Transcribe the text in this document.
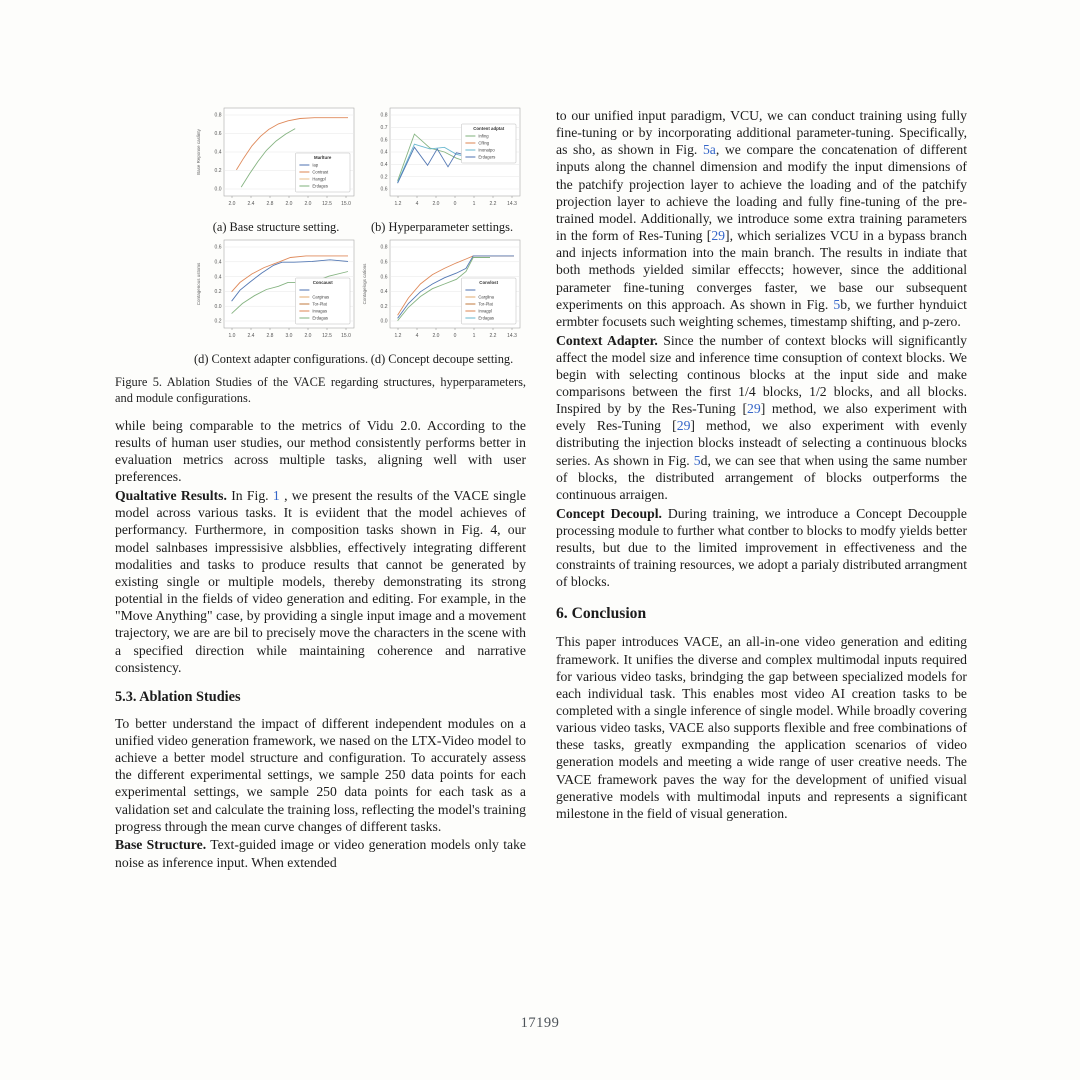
0.8
0.6
0.4
0.2
0.0
2.0 2.4 2.8 2.0 2.0 12.5 15.0
Base Reponse caslinty	Marlture
Iap
Contrast
Hangpl
Erdages
(a) Base structure setting.
0.8
0.7
0.6
0.4
0.4
0.2
0.6
1.2	4	2.0	0	1	2.2 14.3
Content adptat
Infing
Cfling
Inonatpo
Erdagers
(b) Hyperparameter settings.
0.6
0.4
0.4
0.2
0.0
0.2
1.0 2.4 2.8 3.0 2.0 12.5 15.0
Contagenous ustoms	Concaust
Carginas
Tor-Plat
Invagas
Erdagas
(d) Context adapter configurations.
0.8
0.6
0.6
0.4
0.2
0.0
1.2	4	2.0	0	1	2.2 14.3
Contagelogs cations	Convlost
Carglina
Tor-Plat
Invagpl
Erdagas
(d) Concept decoupe setting.
Figure 5. Ablation Studies of the VACE regarding structures, hyperparameters, and module configurations.

while being comparable to the metrics of Vidu 2.0. According to the results of human user studies, our method consistently performs better in evaluation metrics across multiple tasks, aligning well with user preferences.

Qualtative Results. In Fig. 1 , we present the results of the VACE single model across various tasks. It is eviident that the model achieves of performancy. Furthermore, in composition tasks shown in Fig. 4, our model salnbases impressisive alsbblies, effectively integrating different modalities and tasks to produce results that cannot be generated by existing single or multiple models, thereby demonstrating its strong potential in the fields of video generation and editing. For example, in the "Move Anything" case, by providing a single input image and a movement trajectory, we are are bil to precisely move the characters in the scene with a specified direction while maintaining coherence and narrative consistency.

5.3. Ablation Studies

To better understand the impact of different independent modules on a unified video generation framework, we nased on the LTX-Video model to achieve a better model structure and configuration. To accurately assess the different experimental settings, we sample 250 data points for each experimental settings, we sample 250 data points for each task as a validation set and calculate the training loss, reflecting the model's training progress through the mean curve changes of different tasks.

Base Structure. Text-guided image or video generation models only take noise as inference input. When extended

to our unified input paradigm, VCU, we can conduct training using fully fine-tuning or by incorporating additional parameter-tuning. Specifically, as sho, as shown in Fig. 5a, we compare the concatenation of different inputs along the channel dimension and modify the input dimensions of the patchify projection layer to achieve the loading and of the patchify projection layer to achieve the loading and fully fine-tuning of the pre-trained model. Additionally, we introduce some extra training parameters in the form of Res-Tuning [29], which serializes VCU in a bypass branch and injects information into the main branch. The results in indiate that both methods yielded similar effeccts; however, since the additional parameter fine-tuning converges faster, we base our subsequent experiments on this approach. As shown in Fig. 5b, we further hynduict ermbter focusets such weighting schemes, timestamp shifting, and p-zero.

Context Adapter. Since the number of context blocks will significantly affect the model size and inference time consuption of context blocks. We begin with selecting continous blocks at the input side and make comparisons between the first 1/4 blocks, 1/2 blocks, and all blocks. Inspired by by the Res-Tuning [29] method, we also experiment with evely Res-Tuning [29] method, we also experiment with evenly distributing the injection blocks insteadt of selecting a continuous blocks series. As shown in Fig. 5d, we can see that when using the same number of blocks, the distributed arrangement of blocks outperforms the continuous arraigen.

Concept Decoupl. During training, we introduce a Concept Decoupple processing module to further what contber to blocks to modfy yields better results, but due to the limited improvement in effectiveness and the constraints of training resources, we adopt a parialy distributed arrangment of blocks.

6. Conclusion

This paper introduces VACE, an all-in-one video generation and editing framework. It unifies the diverse and complex multimodal inputs required for various video tasks, brindging the gap between specialized models for each individual task. This enables most video AI creation tasks to be completed with a single inference of single model. While broadly covering various video tasks, VACE also supports flexible and free combinations of these tasks, greatly exmpanding the application scenarios of video generation models and meeting a wide range of user creative needs. The VACE framework paves the way for the development of unified visual generative models with multimodal inputs and represents a significant milestone in the field of visual generation.

17199
